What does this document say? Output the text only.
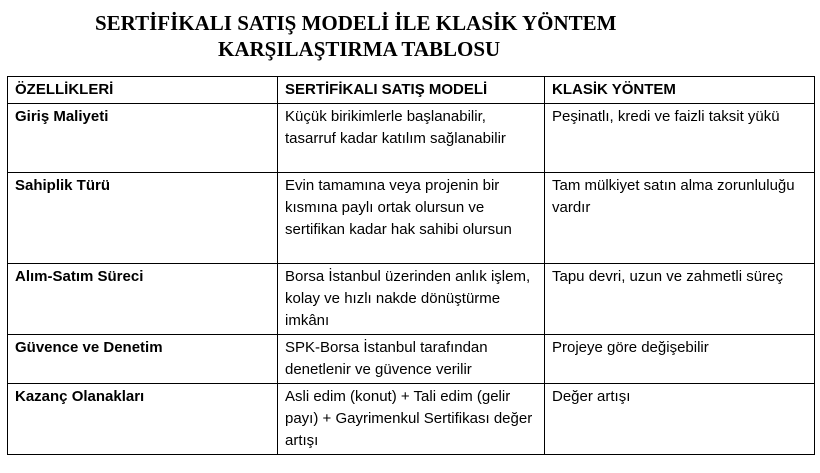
SERTİFİKALI SATIŞ MODELİ İLE KLASİK YÖNTEM
KARŞILAŞTIRMA TABLOSU
ÖZELLİKLERİ	SERTİFİKALI SATIŞ MODELİ	KLASİK YÖNTEM
Giriş Maliyeti	Küçük birikimlerle başlanabilir, tasarruf kadar katılım sağlanabilir	Peşinatlı, kredi ve faizli taksit yükü
Sahiplik Türü	Evin tamamına veya projenin bir kısmına paylı ortak olursun ve sertifikan kadar hak sahibi olursun	Tam mülkiyet satın alma zorunluluğu vardır
Alım-Satım Süreci	Borsa İstanbul üzerinden anlık işlem, kolay ve hızlı nakde dönüştürme imkânı	Tapu devri, uzun ve zahmetli süreç
Güvence ve Denetim	SPK-Borsa İstanbul tarafından denetlenir ve güvence verilir	Projeye göre değişebilir
Kazanç Olanakları	Asli edim (konut) + Tali edim (gelir payı) + Gayrimenkul Sertifikası değer artışı	Değer artışı
